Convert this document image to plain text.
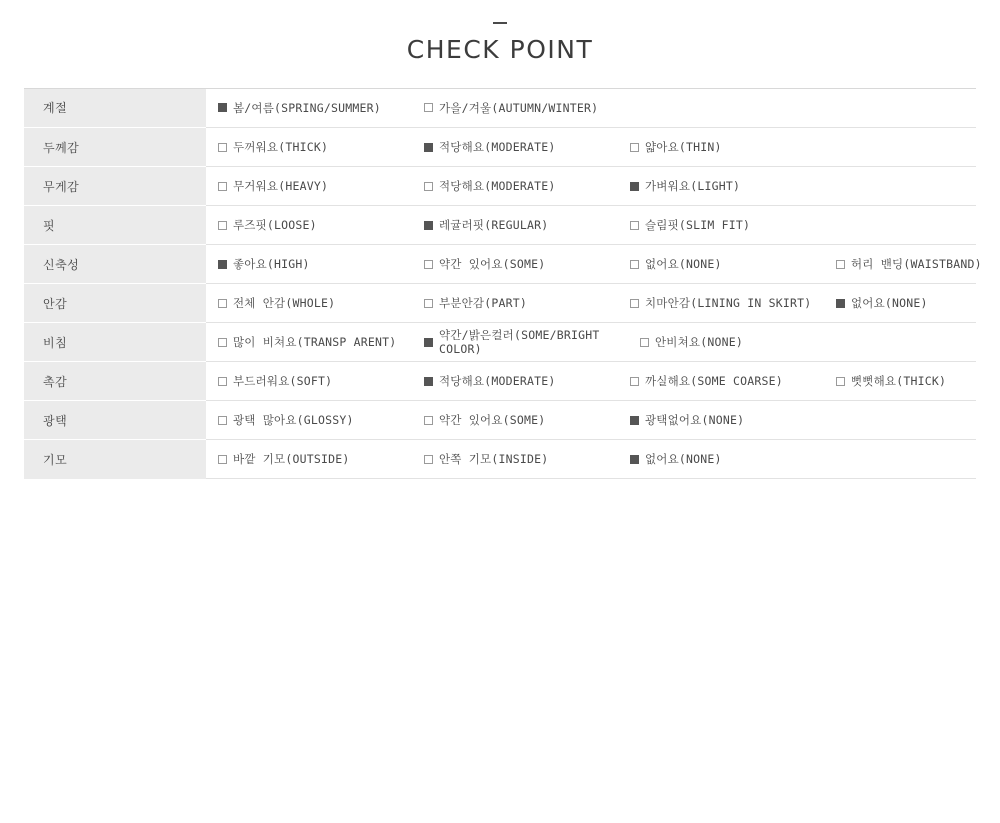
CHECK POINT
계절	봄/여름(SPRING/SUMMER) 가을/겨울(AUTUMN/WINTER)

두께감	두꺼워요(THICK) 적당해요(MODERATE) 얇아요(THIN)

무게감	무거워요(HEAVY) 적당해요(MODERATE) 가벼워요(LIGHT)

핏	루즈핏(LOOSE) 레귤러핏(REGULAR) 슬림핏(SLIM FIT)

신축성	좋아요(HIGH) 약간 있어요(SOME) 없어요(NONE) 허리 밴딩(WAISTBAND)

안감	전체 안감(WHOLE) 부분안감(PART) 치마안감(LINING IN SKIRT) 없어요(NONE)

비침	많이 비쳐요(TRANSP ARENT)
약간/밝은컬러(SOME/BRIGHT COLOR)
안비쳐요(NONE)

촉감	부드러워요(SOFT) 적당해요(MODERATE) 까실해요(SOME COARSE) 뻣뻣해요(THICK)

광택	광택 많아요(GLOSSY) 약간 있어요(SOME) 광택없어요(NONE)

기모	바깥 기모(OUTSIDE) 안쪽 기모(INSIDE) 없어요(NONE)
